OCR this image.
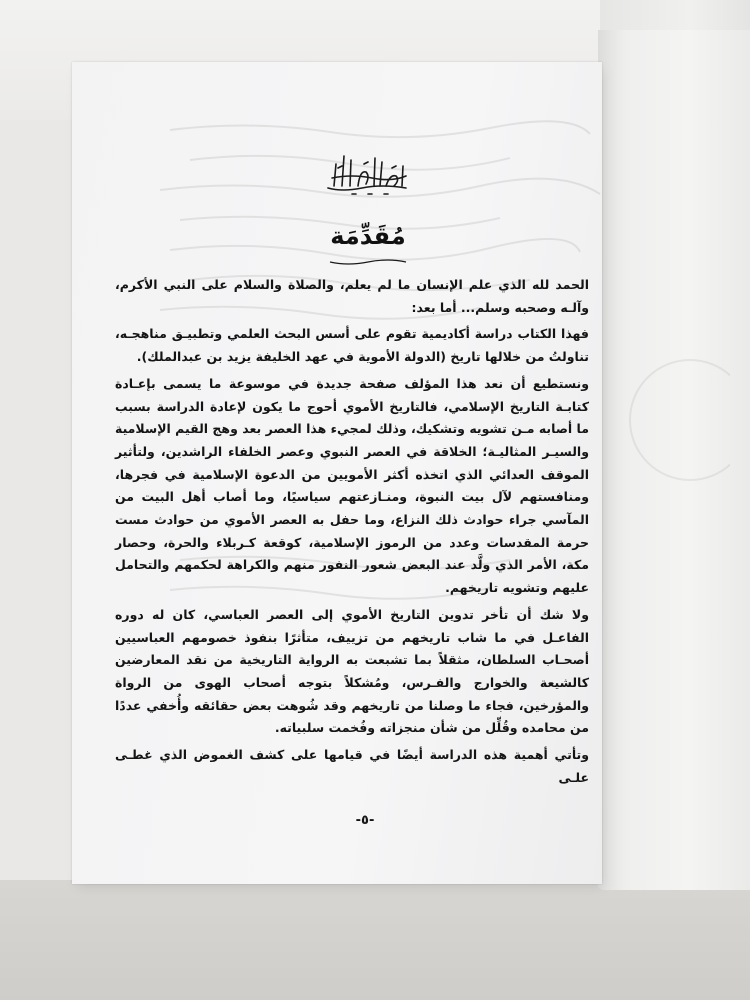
مُقَدِّمَة

الحمد لله الذي علم الإنسان ما لم يعلم، والصلاة والسلام على النبي الأكرم، وآلـه وصحبه وسلم... أما بعد:

فهذا الكتاب دراسة أكاديمية تقوم على أسس البحث العلمي وتطبيـق مناهجـه، تناولتُ من خلالها تاريخ (الدولة الأموية في عهد الخليفة يزيد بن عبدالملك).

ونستطيع أن نعد هذا المؤلف صفحة جديدة في موسوعة ما يسمى بإعـادة كتابـة التاريخ الإسلامي، فالتاريخ الأموي أحوج ما يكون لإعادة الدراسة بسبب ما أصابه مـن تشويه وتشكيك، وذلك لمجيء هذا العصر بعد وهج القيم الإسلامية والسيـر المثاليـة؛ الخلاقة في العصر النبوي وعصر الخلفاء الراشدين، ولتأثير الموقف العدائي الذي اتخذه أكثر الأمويين من الدعوة الإسلامية في فجرها، ومنافستهم لآل بيت النبوة، ومنـازعتهم سياسيًا، وما أصاب أهل البيت من المآسي جراء حوادث ذلك النزاع، وما حفل به العصر الأموي من حوادث مست حرمة المقدسات وعدد من الرموز الإسلامية، كوقعة كـربلاء والحرة، وحصار مكة، الأمر الذي ولَّد عند البعض شعور النفور منهم والكراهة لحكمهم والتحامل عليهم وتشويه تاريخهم.

ولا شك أن تأخر تدوين التاريخ الأموي إلى العصر العباسي، كان له دوره الفاعـل في ما شاب تاريخهم من تزييف، متأثرًا بنفوذ خصومهم العباسيين أصحـاب السلطان، مثقلاً بما تشبعت به الرواية التاريخية من نقد المعارضين كالشيعة والخوارج والفـرس، ومُشكلاً بتوجه أصحاب الهوى من الرواة والمؤرخين، فجاء ما وصلنا من تاريخهم وقد شُوهت بعض حقائقه وأُخفي عددًا من محامده وقُلِّل من شأن منجزاته وفُخمت سلبياته.

وتأتي أهمية هذه الدراسة أيضًا في قيامها على كشف الغموض الذي غطـى علـى

-٥-
